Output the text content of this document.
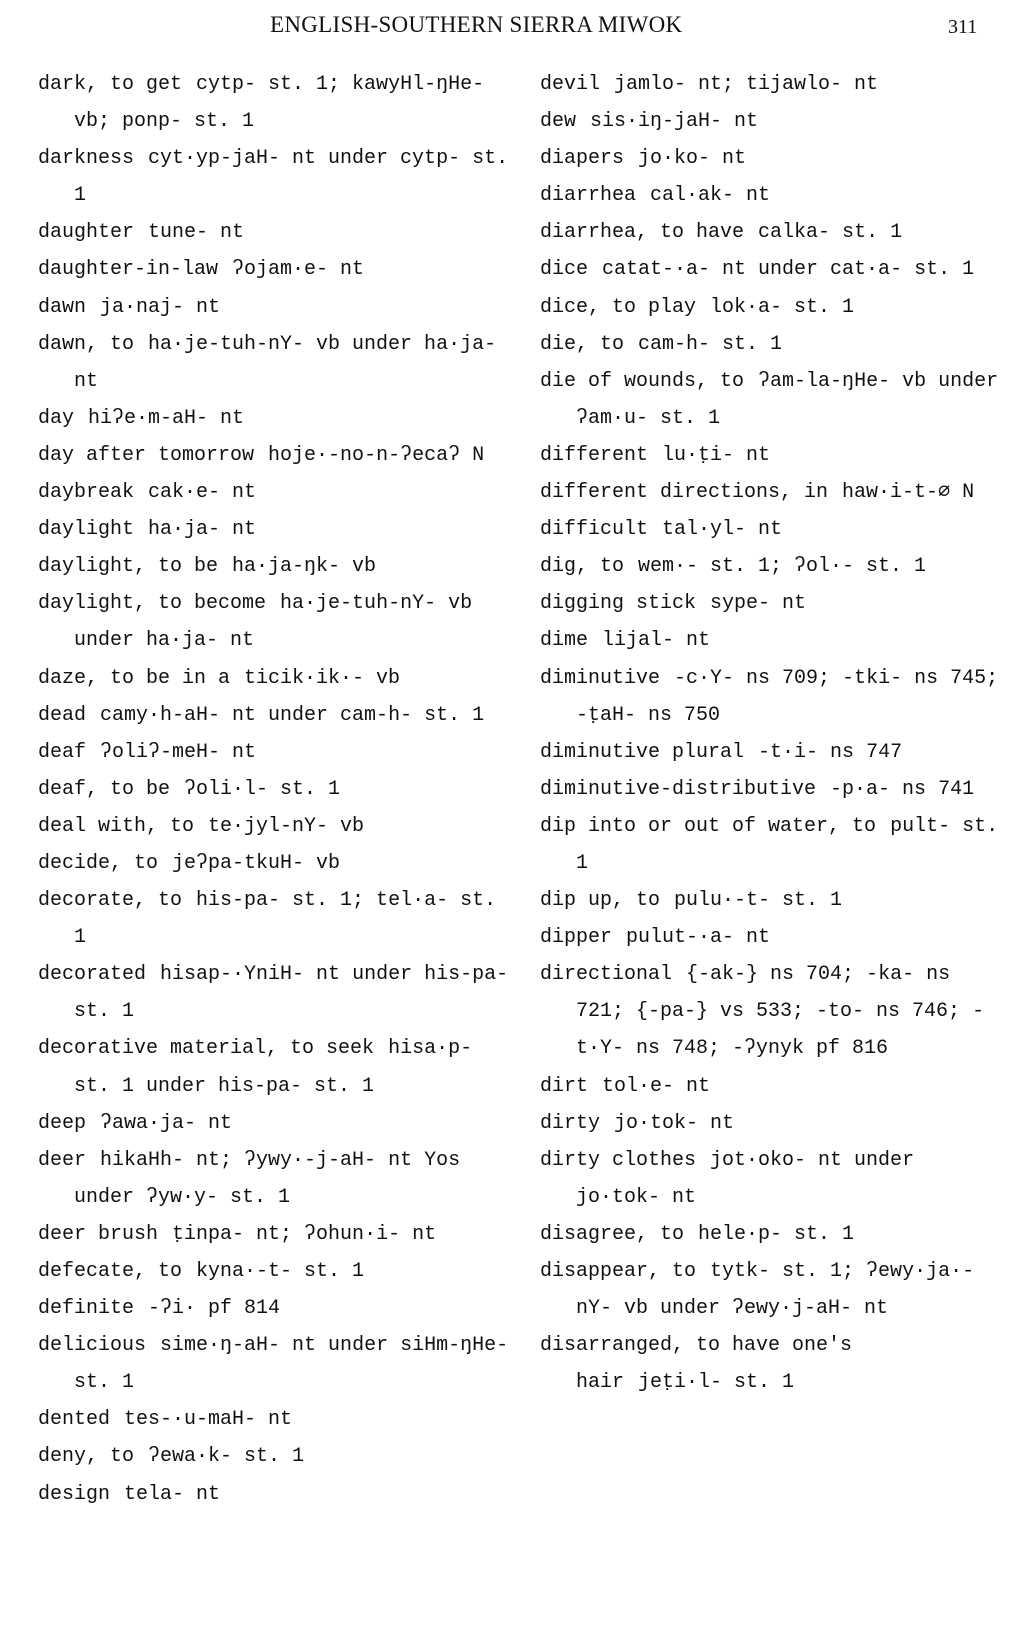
ENGLISH-SOUTHERN SIERRA MIWOK	311
dark, to get cytp- st. 1; kawyHl-ŋHe- vb; ponp- st. 1
darkness cyt·yp-jaH- nt under cytp- st. 1
daughter tune- nt
daughter-in-law ʔojam·e- nt
dawn ja·naj- nt
dawn, to ha·je-tuh-nY- vb under ha·ja- nt
day hiʔe·m-aH- nt
day after tomorrow hoje·-no-n-ʔecaʔ N
daybreak cak·e- nt
daylight ha·ja- nt
daylight, to be ha·ja-ŋk- vb
daylight, to become ha·je-tuh-nY- vb under ha·ja- nt
daze, to be in a ticik·ik·- vb
dead camy·h-aH- nt under cam-h- st. 1
deaf ʔoliʔ-meH- nt
deaf, to be ʔoli·l- st. 1
deal with, to te·jyl-nY- vb
decide, to jeʔpa-tkuH- vb
decorate, to his-pa- st. 1; tel·a- st. 1
decorated hisap-·YniH- nt under his-pa- st. 1
decorative material, to seek hisa·p- st. 1 under his-pa- st. 1
deep ʔawa·ja- nt
deer hikaHh- nt; ʔywy·-j-aH- nt Yos under ʔyw·y- st. 1
deer brush ṭinpa- nt; ʔohun·i- nt
defecate, to kyna·-t- st. 1
definite -ʔi· pf 814
delicious sime·ŋ-aH- nt under siHm-ŋHe- st. 1
dented tes-·u-maH- nt
deny, to ʔewa·k- st. 1
design tela- nt
devil jamlo- nt; tijawlo- nt
dew sis·iŋ-jaH- nt
diapers jo·ko- nt
diarrhea cal·ak- nt
diarrhea, to have calka- st. 1
dice catat-·a- nt under cat·a- st. 1
dice, to play lok·a- st. 1
die, to cam-h- st. 1
die of wounds, to ʔam-la-ŋHe- vb under ʔam·u- st. 1
different lu·ṭi- nt
different directions, in haw·i-t-∅ N
difficult tal·yl- nt
dig, to wem·- st. 1; ʔol·- st. 1
digging stick sype- nt
dime lijal- nt
diminutive -c·Y- ns 709; -tki- ns 745; -ṭaH- ns 750
diminutive plural -t·i- ns 747
diminutive-distributive -p·a- ns 741
dip into or out of water, to pult- st. 1
dip up, to pulu·-t- st. 1
dipper pulut-·a- nt
directional {-ak-} ns 704; -ka- ns 721; {-pa-} vs 533; -to- ns 746; -t·Y- ns 748; -ʔynyk pf 816
dirt tol·e- nt
dirty jo·tok- nt
dirty clothes jot·oko- nt under jo·tok- nt
disagree, to hele·p- st. 1
disappear, to tytk- st. 1; ʔewy·ja·-nY- vb under ʔewy·j-aH- nt
disarranged, to have one's hair jeṭi·l- st. 1
